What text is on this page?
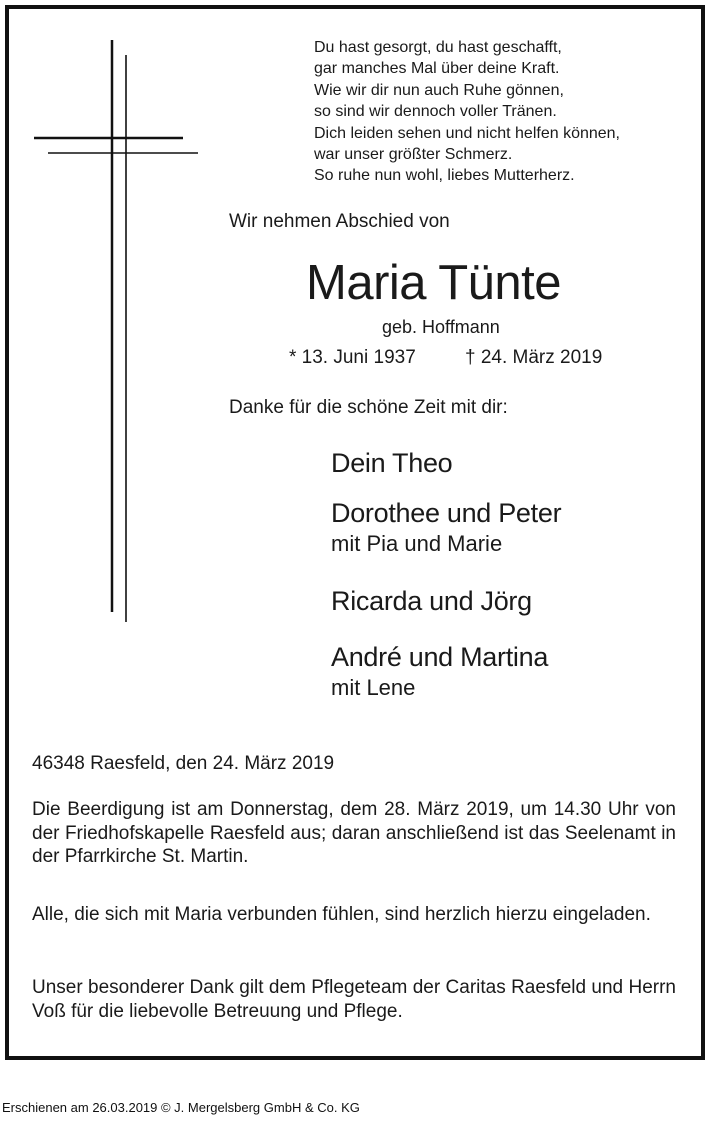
Du hast gesorgt, du hast geschafft,
gar manches Mal über deine Kraft.
Wie wir dir nun auch Ruhe gönnen,
so sind wir dennoch voller Tränen.
Dich leiden sehen und nicht helfen können,
war unser größter Schmerz.
So ruhe nun wohl, liebes Mutterherz.
Wir nehmen Abschied von
Maria Tünte
geb. Hoffmann
* 13. Juni 1937	† 24. März 2019
Danke für die schöne Zeit mit dir:
Dein Theo
Dorothee und Peter
mit Pia und Marie
Ricarda und Jörg
André und Martina
mit Lene
46348 Raesfeld, den 24. März 2019
Die Beerdigung ist am Donnerstag, dem 28. März 2019, um 14.30 Uhr von der Friedhofskapelle Raesfeld aus; daran anschließend ist das Seelenamt in der Pfarrkirche St. Martin.
Alle, die sich mit Maria verbunden fühlen, sind herzlich hierzu eingeladen.
Unser besonderer Dank gilt dem Pflegeteam der Caritas Raesfeld und Herrn Voß für die liebevolle Betreuung und Pflege.
Erschienen am 26.03.2019 © J. Mergelsberg GmbH & Co. KG
